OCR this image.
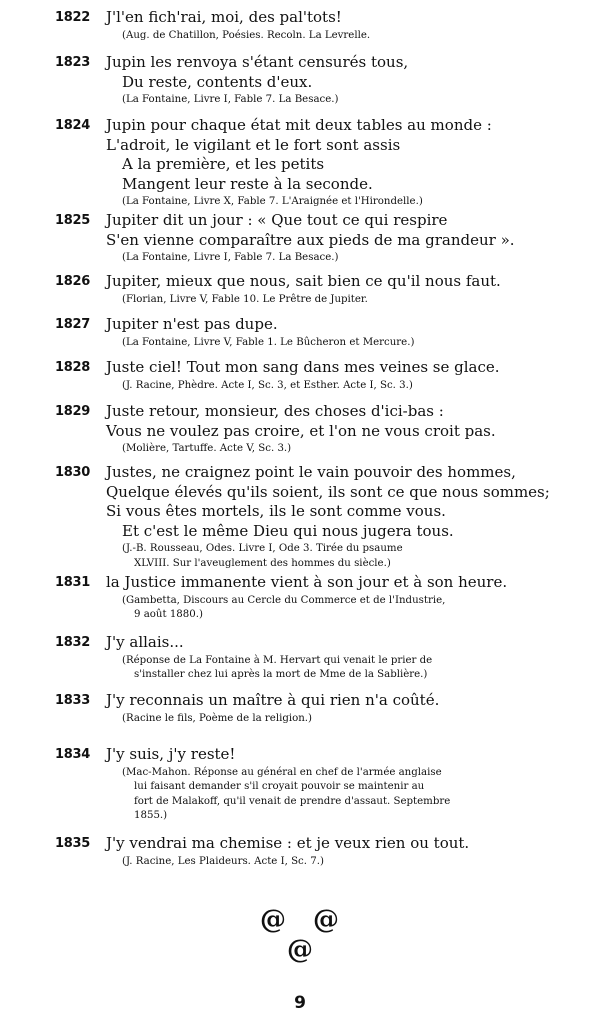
1822 J'l'en fich'rai, moi, des pal'tots!
(Aug. de Chatillon, Poésies. Recoln. La Levrelle.
1823 Jupin les renvoya s'étant censurés tous,
Du reste, contents d'eux.
(La Fontaine, Livre I, Fable 7. La Besace.)
1824 Jupin pour chaque état mit deux tables au monde :
L'adroit, le vigilant et le fort sont assis
A la première, et les petits
Mangent leur reste à la seconde.
(La Fontaine, Livre X, Fable 7. L'Araignée et l'Hirondelle.)
1825 Jupiter dit un jour : « Que tout ce qui respire
S'en vienne comparaître aux pieds de ma grandeur ».
(La Fontaine, Livre I, Fable 7. La Besace.)
1826 Jupiter, mieux que nous, sait bien ce qu'il nous faut.
(Florian, Livre V, Fable 10. Le Prêtre de Jupiter.
1827 Jupiter n'est pas dupe.
(La Fontaine, Livre V, Fable 1. Le Bûcheron et Mercure.)
1828 Juste ciel! Tout mon sang dans mes veines se glace.
(J. Racine, Phèdre. Acte I, Sc. 3, et Esther. Acte I, Sc. 3.)
1829 Juste retour, monsieur, des choses d'ici-bas :
Vous ne voulez pas croire, et l'on ne vous croit pas.
(Molière, Tartuffe. Acte V, Sc. 3.)
1830 Justes, ne craignez point le vain pouvoir des hommes,
Quelque élevés qu'ils soient, ils sont ce que nous sommes;
Si vous êtes mortels, ils le sont comme vous.
Et c'est le même Dieu qui nous jugera tous.
(J.-B. Rousseau, Odes. Livre I, Ode 3. Tirée du psaume
XLVIII. Sur l'aveuglement des hommes du siècle.)
1831 la Justice immanente vient à son jour et à son heure.
(Gambetta, Discours au Cercle du Commerce et de l'Industrie,
9 août 1880.)
1832 J'y allais...
(Réponse de La Fontaine à M. Hervart qui venait le prier de
s'installer chez lui après la mort de Mme de la Sablière.)
1833 J'y reconnais un maître à qui rien n'a coûté.
(Racine le fils, Poème de la religion.)
1834 J'y suis, j'y reste!
(Mac-Mahon. Réponse au général en chef de l'armée anglaise
lui faisant demander s'il croyait pouvoir se maintenir au
fort de Malakoff, qu'il venait de prendre d'assaut. Septembre
1855.)
1835 J'y vendrai ma chemise : et je veux rien ou tout.
(J. Racine, Les Plaideurs. Acte I, Sc. 7.)
@ @
@
9
